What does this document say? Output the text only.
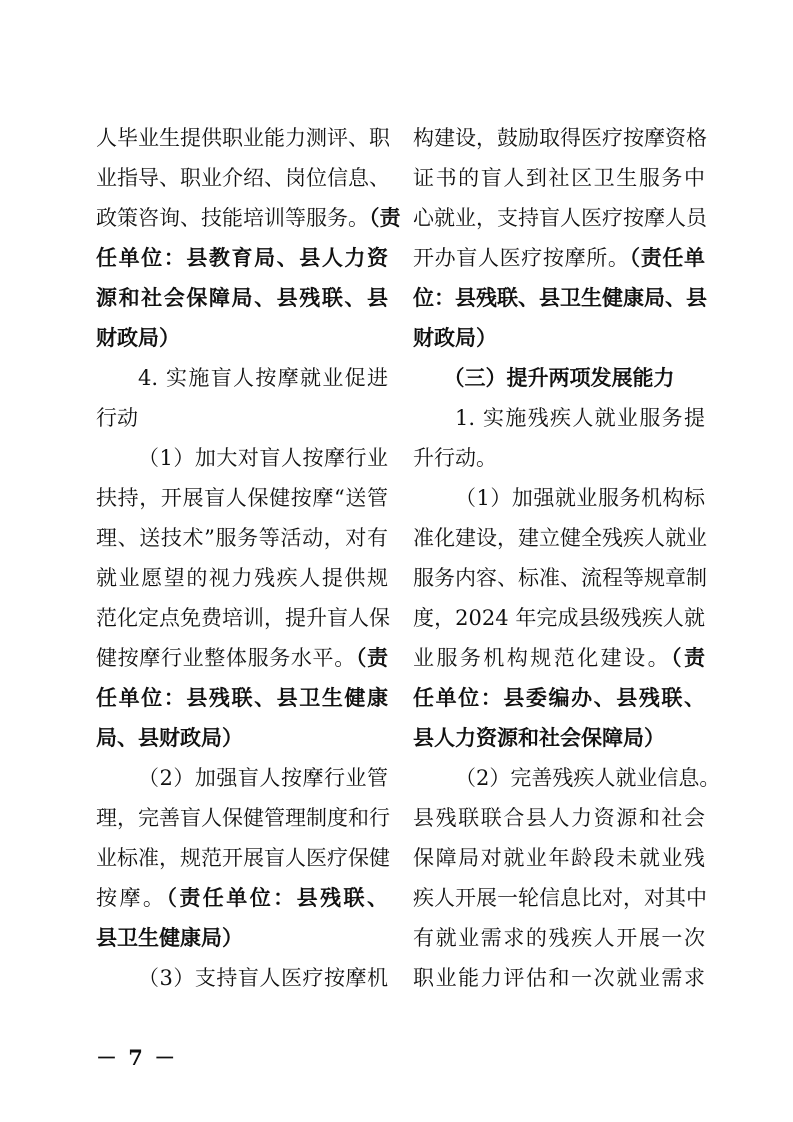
人毕业生提供职业能力测评、职
业指导、职业介绍、岗位信息、
政策咨询、技能培训等服务。（责
任单位：县教育局、县人力资
源和社会保障局、县残联、县
财政局）
4. 实施盲人按摩就业促进
行动
（1）加大对盲人按摩行业
扶持，开展盲人保健按摩“送管
理、送技术”服务等活动，对有
就业愿望的视力残疾人提供规
范化定点免费培训，提升盲人保
健按摩行业整体服务水平。（责
任单位：县残联、县卫生健康
局、县财政局）
（2）加强盲人按摩行业管
理，完善盲人保健管理制度和行
业标准，规范开展盲人医疗保健
按摩。（责任单位：县残联、
县卫生健康局）
（3）支持盲人医疗按摩机
构建设，鼓励取得医疗按摩资格
证书的盲人到社区卫生服务中
心就业，支持盲人医疗按摩人员
开办盲人医疗按摩所。（责任单
位：县残联、县卫生健康局、县
财政局）
（三）提升两项发展能力
1. 实施残疾人就业服务提
升行动。
（1）加强就业服务机构标
准化建设，建立健全残疾人就业
服务内容、标准、流程等规章制
度，2024 年完成县级残疾人就
业服务机构规范化建设。（责
任单位：县委编办、县残联、
县人力资源和社会保障局）
（2）完善残疾人就业信息。
县残联联合县人力资源和社会
保障局对就业年龄段未就业残
疾人开展一轮信息比对，对其中
有就业需求的残疾人开展一次
职业能力评估和一次就业需求
－ 7 －
